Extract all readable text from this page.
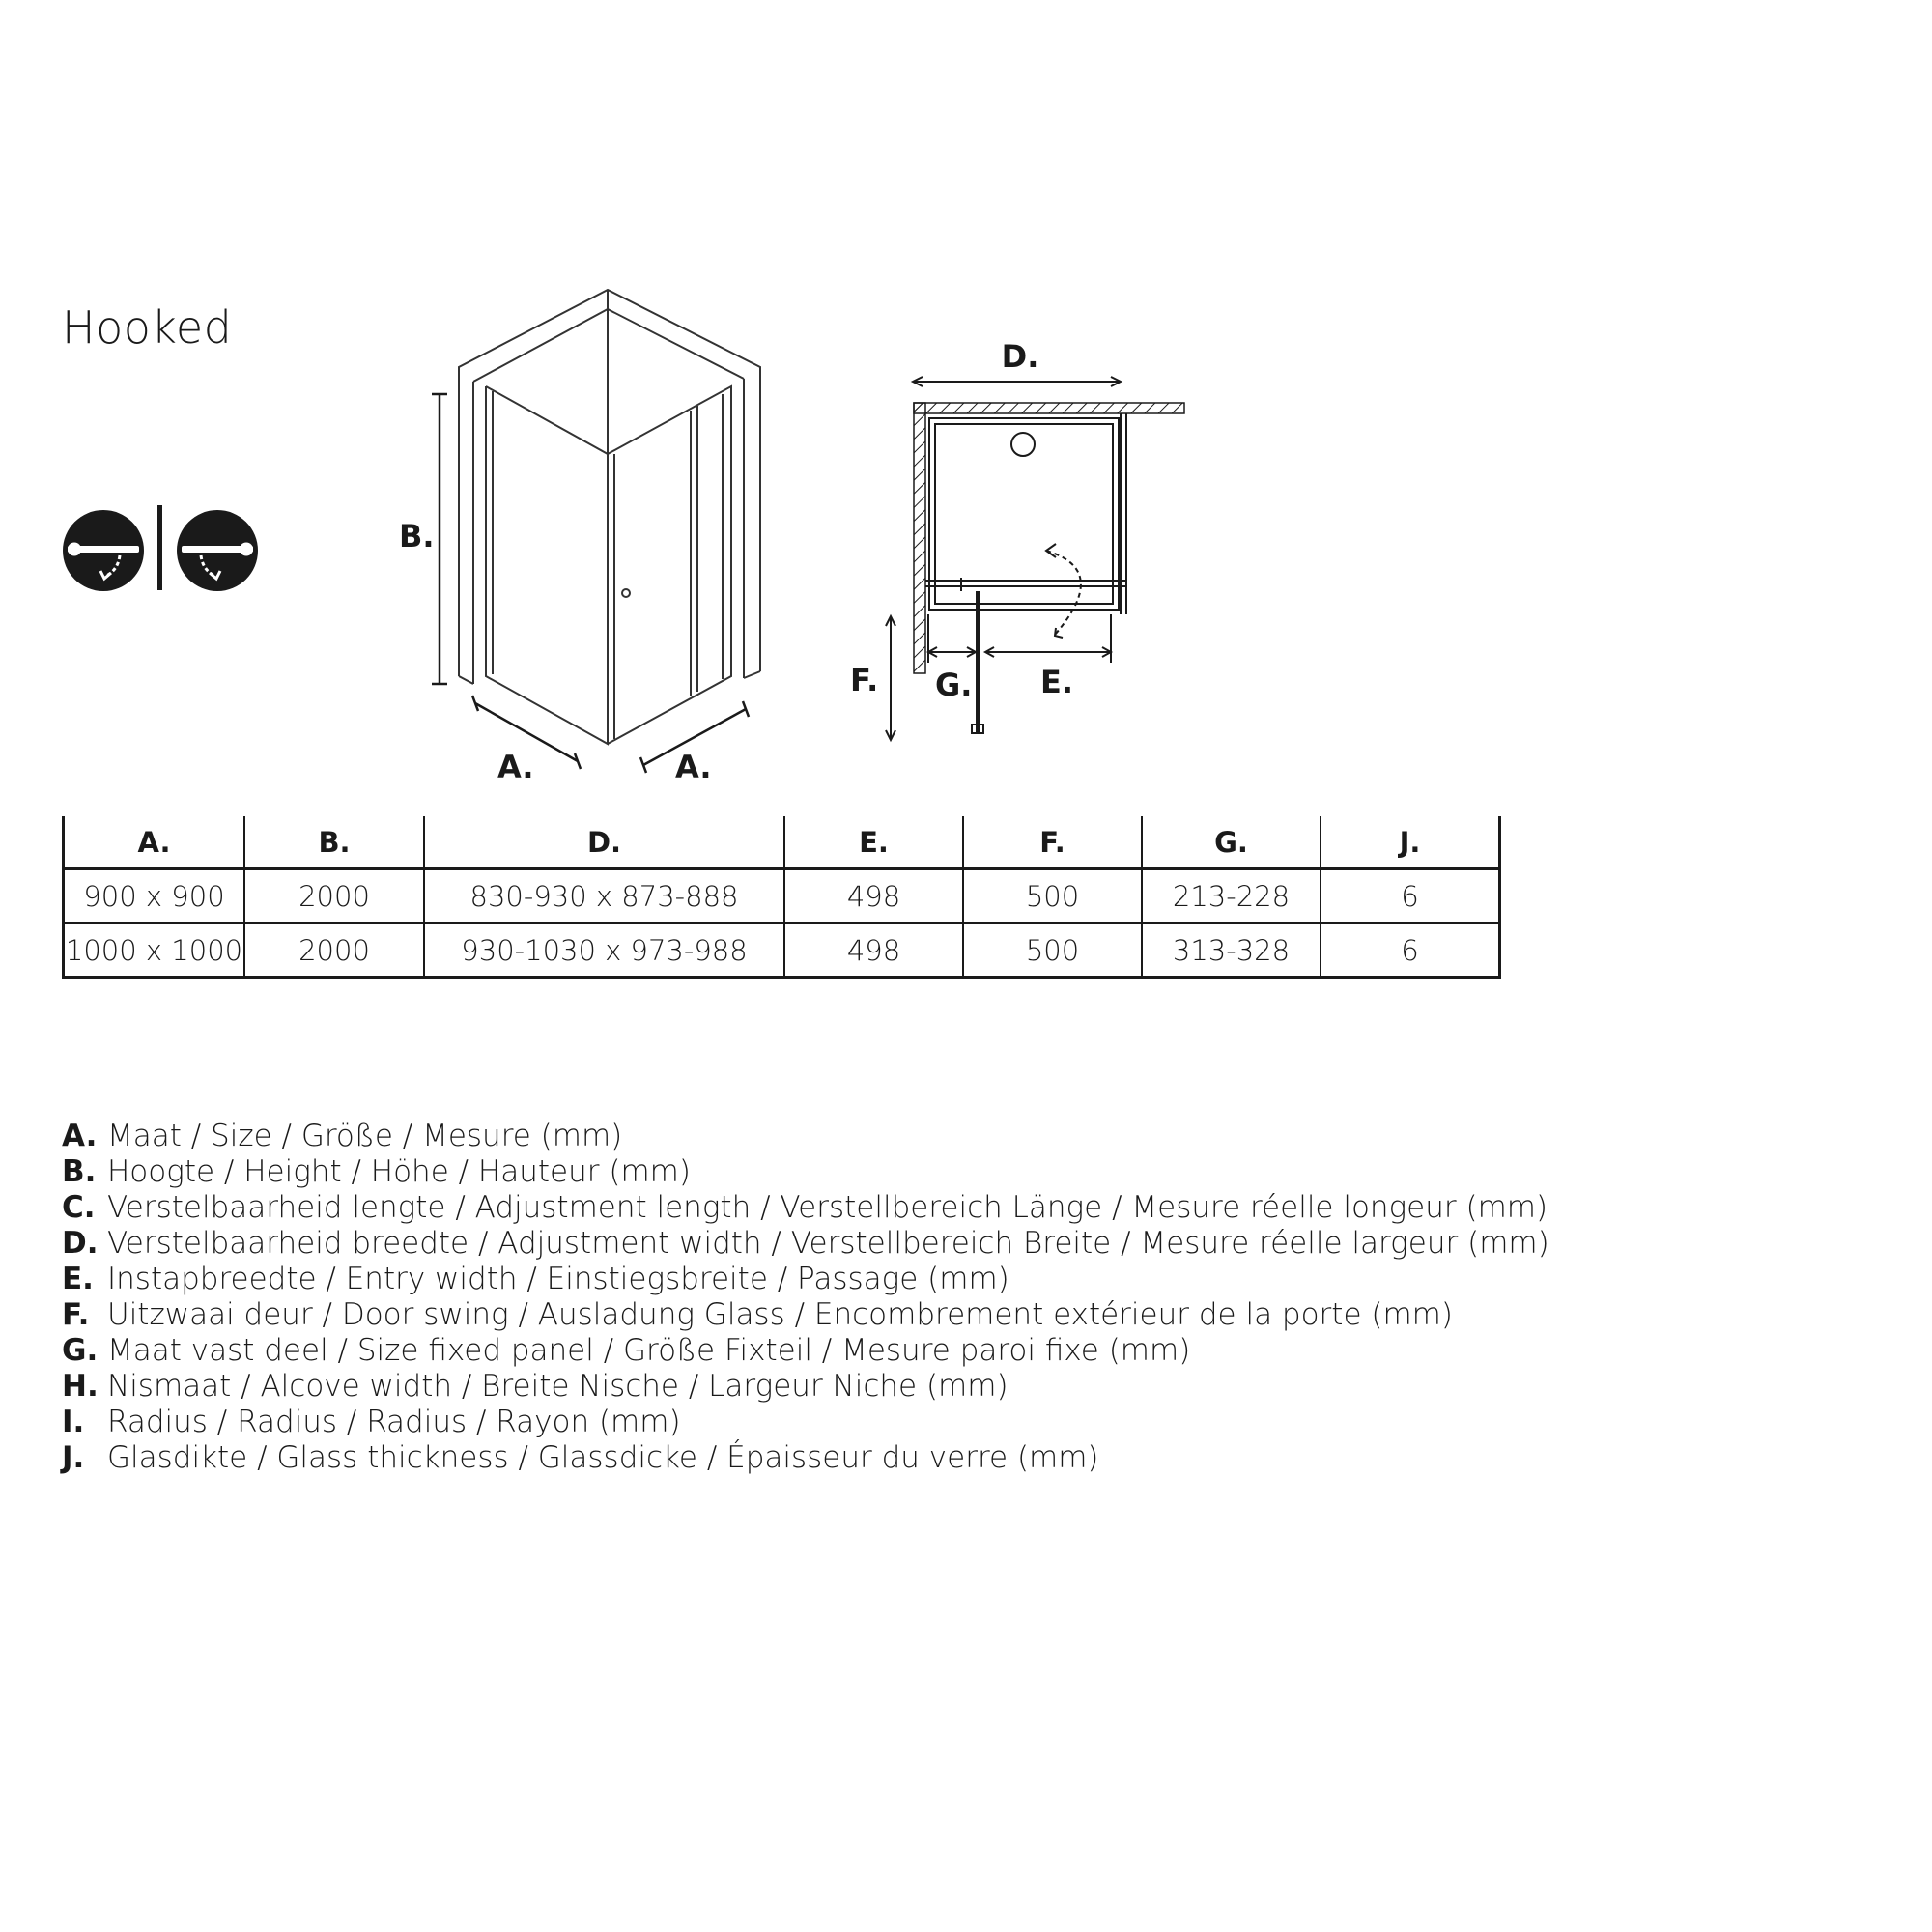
Hooked
B.
A.	A.
D.
F. G. E.
A.	B.	D.	E.	F.	G.	J.
900 x 900	2000	830-930 x 873-888	498	500	213-228	6
1000 x 1000	2000	930-1030 x 973-988	498	500	313-328	6
A. Maat / Size / Größe / Mesure (mm)
B. Hoogte / Height / Höhe / Hauteur (mm)
C. Verstelbaarheid lengte / Adjustment length / Verstellbereich Länge / Mesure réelle longeur (mm)
D. Verstelbaarheid breedte / Adjustment width / Verstellbereich Breite / Mesure réelle largeur (mm)
E. Instapbreedte / Entry width / Einstiegsbreite / Passage (mm)
F. Uitzwaai deur / Door swing / Ausladung Glass / Encombrement extérieur de la porte (mm)
G. Maat vast deel / Size fixed panel / Größe Fixteil / Mesure paroi fixe (mm)
H. Nismaat / Alcove width / Breite Nische / Largeur Niche (mm)
I. Radius / Radius / Radius / Rayon (mm)
J. Glasdikte / Glass thickness / Glassdicke / Épaisseur du verre (mm)
